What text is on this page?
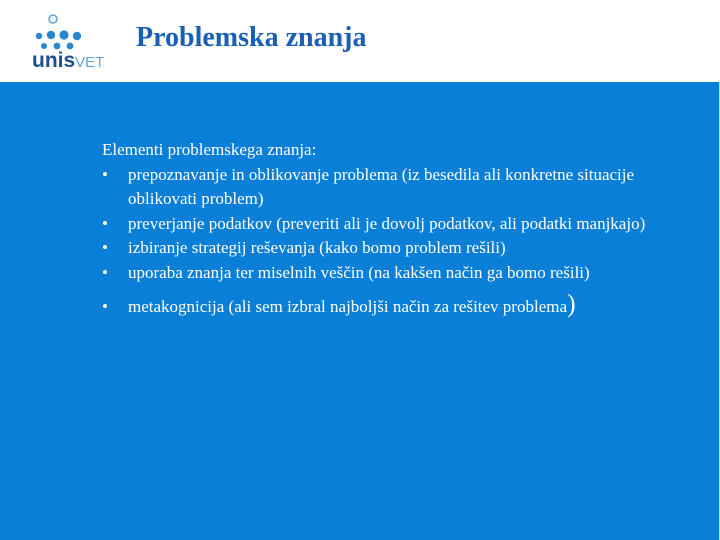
unisVET
Problemska znanja

Elementi problemskega znanja:

• prepoznavanje in oblikovanje problema (iz besedila ali konkretne situacije oblikovati problem)
• preverjanje podatkov (preveriti ali je dovolj podatkov, ali podatki manjkajo)
• izbiranje strategij reševanja (kako bomo problem rešili)
• uporaba znanja ter miselnih veščin (na kakšen način ga bomo rešili)
• metakognicija (ali sem izbral najboljši način za rešitev problema)
